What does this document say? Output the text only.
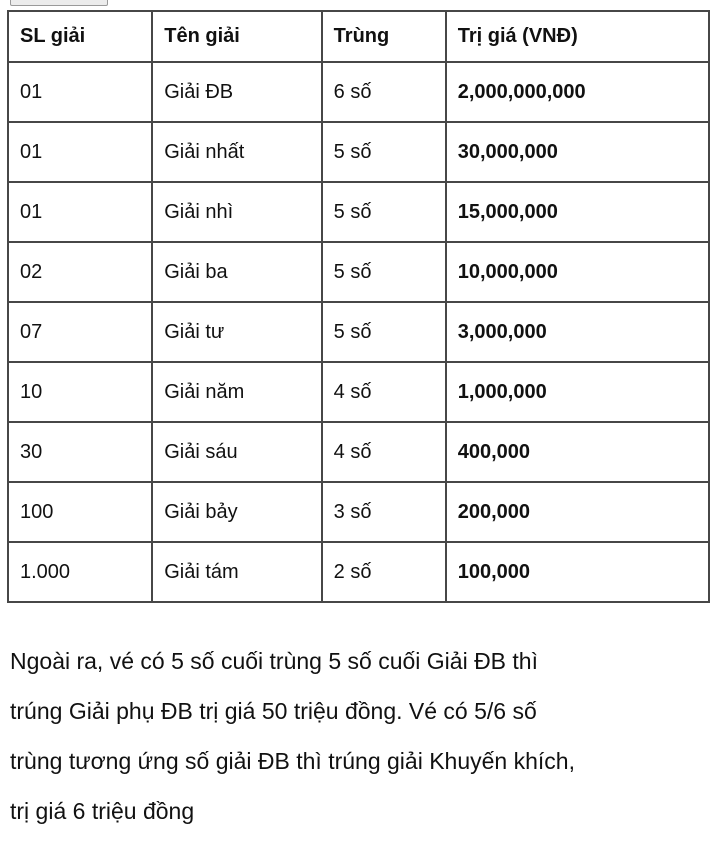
SL giải	Tên giải	Trùng	Trị giá (VNĐ)
01	Giải ĐB	6 số	2,000,000,000
01	Giải nhất	5 số	30,000,000
01	Giải nhì	5 số	15,000,000
02	Giải ba	5 số	10,000,000
07	Giải tư	5 số	3,000,000
10	Giải năm	4 số	1,000,000
30	Giải sáu	4 số	400,000
100	Giải bảy	3 số	200,000
1.000	Giải tám	2 số	100,000
Ngoài ra, vé có 5 số cuối trùng 5 số cuối Giải ĐB thì
trúng Giải phụ ĐB trị giá 50 triệu đồng. Vé có 5/6 số
trùng tương ứng số giải ĐB thì trúng giải Khuyến khích,
trị giá 6 triệu đồng
